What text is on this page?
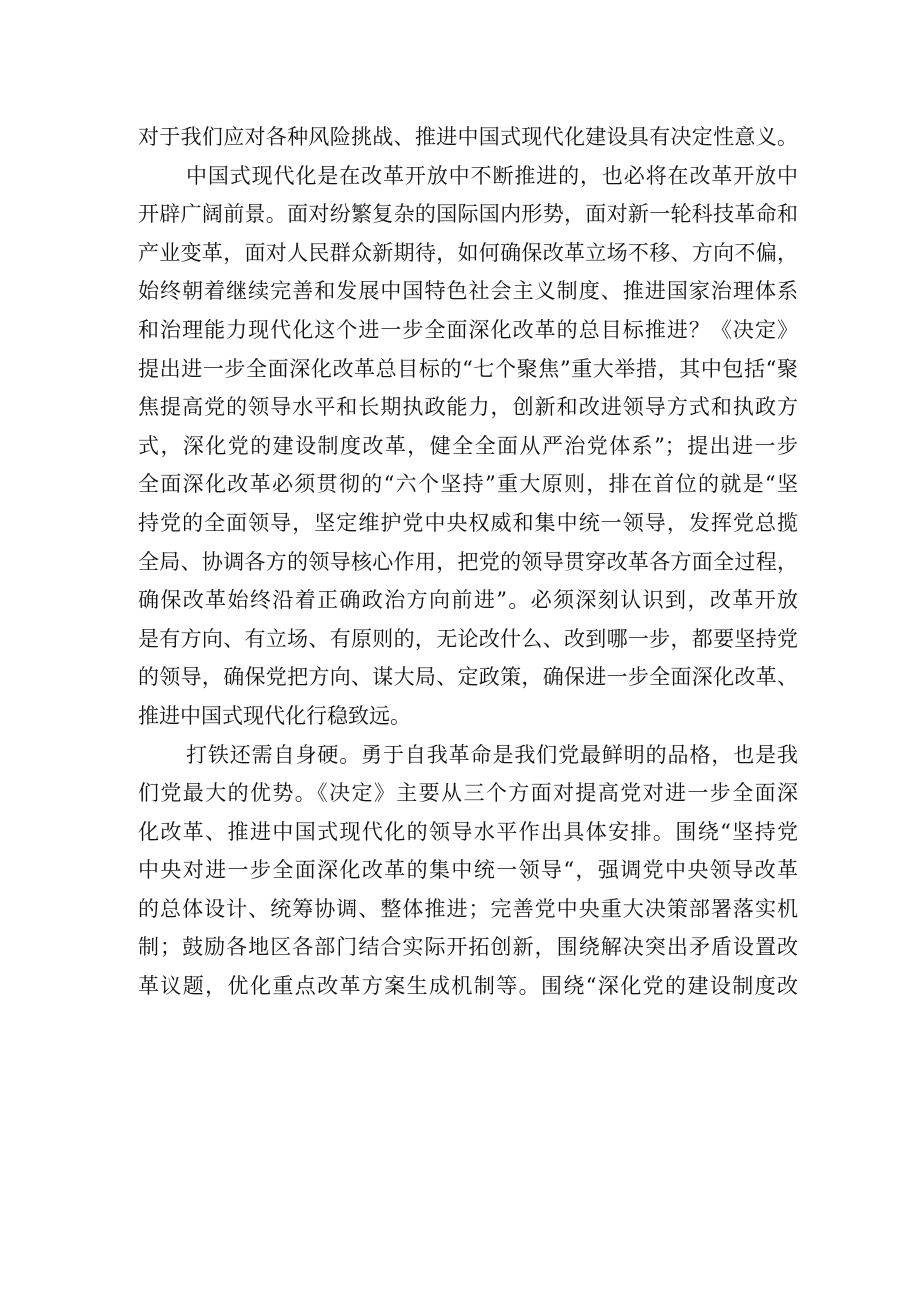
对于我们应对各种风险挑战、推进中国式现代化建设具有决定性意义。
中国式现代化是在改革开放中不断推进的，也必将在改革开放中
开辟广阔前景。面对纷繁复杂的国际国内形势，面对新一轮科技革命和
产业变革，面对人民群众新期待，如何确保改革立场不移、方向不偏，
始终朝着继续完善和发展中国特色社会主义制度、推进国家治理体系
和治理能力现代化这个进一步全面深化改革的总目标推进？《决定》
提出进一步全面深化改革总目标的“七个聚焦”重大举措，其中包括“聚
焦提高党的领导水平和长期执政能力，创新和改进领导方式和执政方
式，深化党的建设制度改革，健全全面从严治党体系”；提出进一步
全面深化改革必须贯彻的“六个坚持”重大原则，排在首位的就是“坚
持党的全面领导，坚定维护党中央权威和集中统一领导，发挥党总揽
全局、协调各方的领导核心作用，把党的领导贯穿改革各方面全过程，
确保改革始终沿着正确政治方向前进”。必须深刻认识到，改革开放
是有方向、有立场、有原则的，无论改什么、改到哪一步，都要坚持党
的领导，确保党把方向、谋大局、定政策，确保进一步全面深化改革、
推进中国式现代化行稳致远。
打铁还需自身硬。勇于自我革命是我们党最鲜明的品格，也是我
们党最大的优势。《决定》主要从三个方面对提高党对进一步全面深
化改革、推进中国式现代化的领导水平作出具体安排。围绕“坚持党
中央对进一步全面深化改革的集中统一领导“，强调党中央领导改革
的总体设计、统筹协调、整体推进；完善党中央重大决策部署落实机
制；鼓励各地区各部门结合实际开拓创新，围绕解决突出矛盾设置改
革议题，优化重点改革方案生成机制等。围绕“深化党的建设制度改
